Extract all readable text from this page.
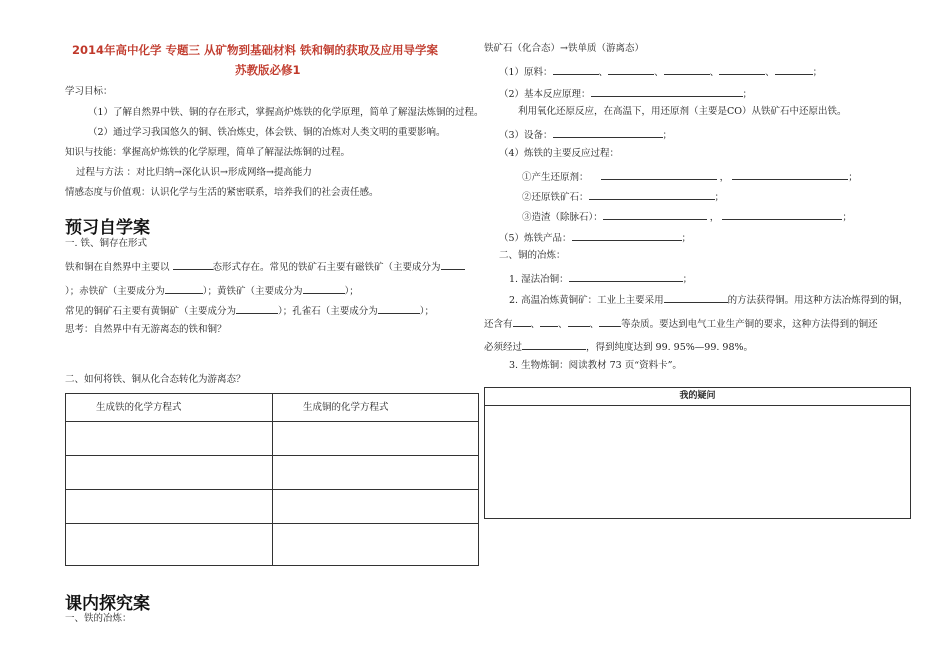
2014年高中化学 专题三 从矿物到基础材料 铁和铜的获取及应用导学案
苏教版必修1
学习目标：
（1）了解自然界中铁、铜的存在形式，掌握高炉炼铁的化学原理，简单了解湿法炼铜的过程。
（2）通过学习我国悠久的铜、铁冶炼史，体会铁、铜的冶炼对人类文明的重要影响。
知识与技能：掌握高炉炼铁的化学原理，简单了解湿法炼铜的过程。
过程与方法 ：对比归纳→深化认识→形成网络→提高能力
情感态度与价值观：认识化学与生活的紧密联系，培养我们的社会责任感。
预习自学案
一. 铁、铜存在形式
铁和铜在自然界中主要以	态形式存在。常见的铁矿石主要有磁铁矿（主要成分为
）；赤铁矿（主要成分为	）；黄铁矿（主要成分为	）；
常见的铜矿石主要有黄铜矿（主要成分为	）；孔雀石（主要成分为	）；
思考：自然界中有无游离态的铁和铜？
二、如何将铁、铜从化合态转化为游离态？
生成铁的化学方程式	生成铜的化学方程式

课内探究案
一、铁的冶炼：
铁矿石（化合态）→铁单质（游离态）
（1）原料：	、	、	、	、	；
（2）基本反应原理：	；
利用氧化还原反应，在高温下，用还原剂（主要是CO）从铁矿石中还原出铁。
（3）设备：	；
（4）炼铁的主要反应过程：
①产生还原剂：	，	；
②还原铁矿石：	；
③造渣（除脉石）：	，	；
（5）炼铁产品：	；
二、铜的冶炼：
1. 湿法冶铜：	；
2. 高温冶炼黄铜矿：工业上主要采用	的方法获得铜。用这种方法冶炼得到的铜，
还含有 、 、 、 等杂质。要达到电气工业生产铜的要求，这种方法得到的铜还
必须经过	，得到纯度达到 99. 95%—99. 98%。
3. 生物炼铜：阅读教材 73 页“资料卡”。
我的疑问
